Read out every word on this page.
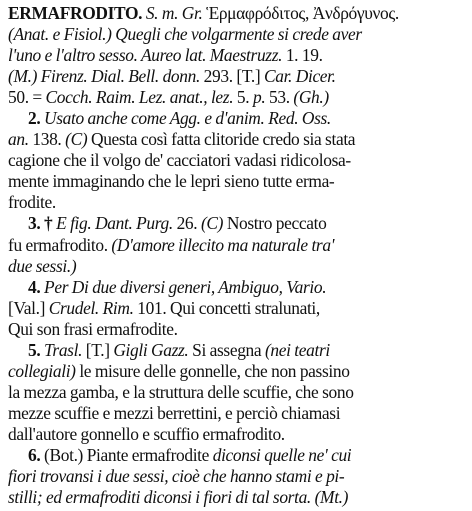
ERMAFRODITO. S. m. Gr. Ἑρμαφρόδιτος, Ἀνδρόγυνος.
(Anat. e Fisiol.) Quegli che volgarmente si crede aver
l'uno e l'altro sesso. Aureo lat. Maestruzz. 1. 19.
(M.) Firenz. Dial. Bell. donn. 293. [T.] Car. Dicer.
50. = Cocch. Raim. Lez. anat., lez. 5. p. 53. (Gh.)
2. Usato anche come Agg. e d'anim. Red. Oss.
an. 138. (C) Questa così fatta clitoride credo sia stata
cagione che il volgo de' cacciatori vadasi ridicolosa-
mente immaginando che le lepri sieno tutte erma-
frodite.
3. † E fig. Dant. Purg. 26. (C) Nostro peccato
fu ermafrodito. (D'amore illecito ma naturale tra'
due sessi.)
4. Per Di due diversi generi, Ambiguo, Vario.
[Val.] Crudel. Rim. 101. Qui concetti stralunati,
Qui son frasi ermafrodite.
5. Trasl. [T.] Gigli Gazz. Si assegna (nei teatri
collegiali) le misure delle gonnelle, che non passino
la mezza gamba, e la struttura delle scuffie, che sono
mezze scuffie e mezzi berrettini, e perciò chiamasi
dall'autore gonnello e scuffio ermafrodito.
6. (Bot.) Piante ermafrodite diconsi quelle ne' cui
fiori trovansi i due sessi, cioè che hanno stami e pi-
stilli; ed ermafroditi diconsi i fiori di tal sorta. (Mt.)
